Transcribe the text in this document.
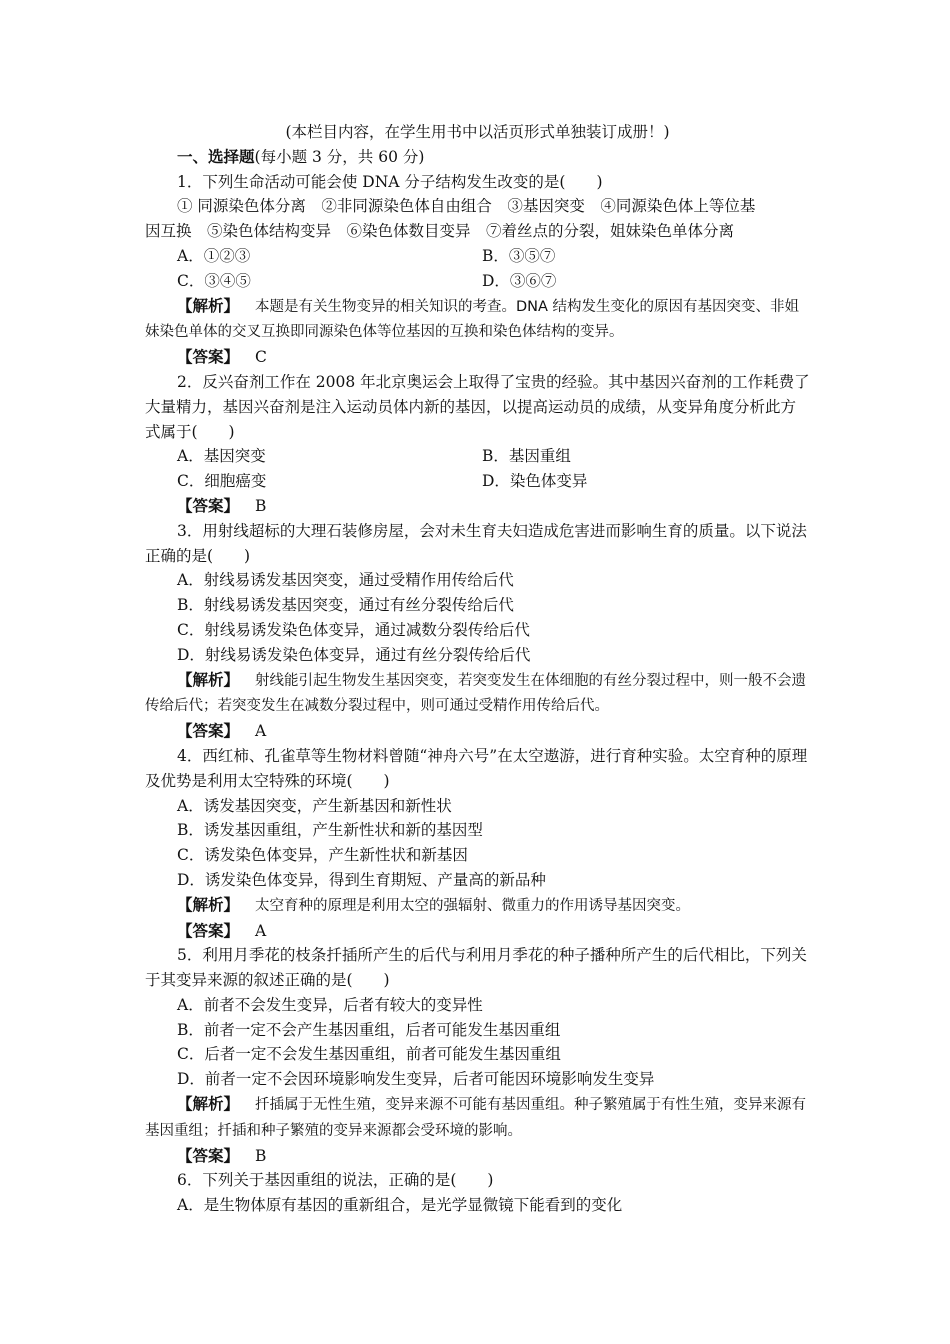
(本栏目内容，在学生用书中以活页形式单独装订成册！)
一、选择题(每小题 3 分，共 60 分)
1．下列生命活动可能会使 DNA 分子结构发生改变的是(　　)
① 同源染色体分离　②非同源染色体自由组合　③基因突变　④同源染色体上等位基
因互换　⑤染色体结构变异　⑥染色体数目变异　⑦着丝点的分裂，姐妹染色单体分离
A．①②③	B．③⑤⑦
C．③④⑤	D．③⑥⑦
【解析】 本题是有关生物变异的相关知识的考查。DNA 结构发生变化的原因有基因突变、非姐妹染色单体的交叉互换即同源染色体等位基因的互换和染色体结构的变异。
【答案】 C
2．反兴奋剂工作在 2008 年北京奥运会上取得了宝贵的经验。其中基因兴奋剂的工作耗费了大量精力，基因兴奋剂是注入运动员体内新的基因，以提高运动员的成绩，从变异角度分析此方式属于(　　)
A．基因突变	B．基因重组
C．细胞癌变	D．染色体变异
【答案】 B
3．用射线超标的大理石装修房屋，会对未生育夫妇造成危害进而影响生育的质量。以下说法正确的是(　　)
A．射线易诱发基因突变，通过受精作用传给后代
B．射线易诱发基因突变，通过有丝分裂传给后代
C．射线易诱发染色体变异，通过减数分裂传给后代
D．射线易诱发染色体变异，通过有丝分裂传给后代
【解析】 射线能引起生物发生基因突变，若突变发生在体细胞的有丝分裂过程中，则一般不会遗传给后代；若突变发生在减数分裂过程中，则可通过受精作用传给后代。
【答案】 A
4．西红柿、孔雀草等生物材料曾随“神舟六号”在太空遨游，进行育种实验。太空育种的原理及优势是利用太空特殊的环境(　　)
A．诱发基因突变，产生新基因和新性状
B．诱发基因重组，产生新性状和新的基因型
C．诱发染色体变异，产生新性状和新基因
D．诱发染色体变异，得到生育期短、产量高的新品种
【解析】 太空育种的原理是利用太空的强辐射、微重力的作用诱导基因突变。
【答案】 A
5．利用月季花的枝条扦插所产生的后代与利用月季花的种子播种所产生的后代相比，下列关于其变异来源的叙述正确的是(　　)
A．前者不会发生变异，后者有较大的变异性
B．前者一定不会产生基因重组，后者可能发生基因重组
C．后者一定不会发生基因重组，前者可能发生基因重组
D．前者一定不会因环境影响发生变异，后者可能因环境影响发生变异
【解析】 扦插属于无性生殖，变异来源不可能有基因重组。种子繁殖属于有性生殖，变异来源有基因重组；扦插和种子繁殖的变异来源都会受环境的影响。
【答案】 B
6．下列关于基因重组的说法，正确的是(　　)
A．是生物体原有基因的重新组合，是光学显微镜下能看到的变化
